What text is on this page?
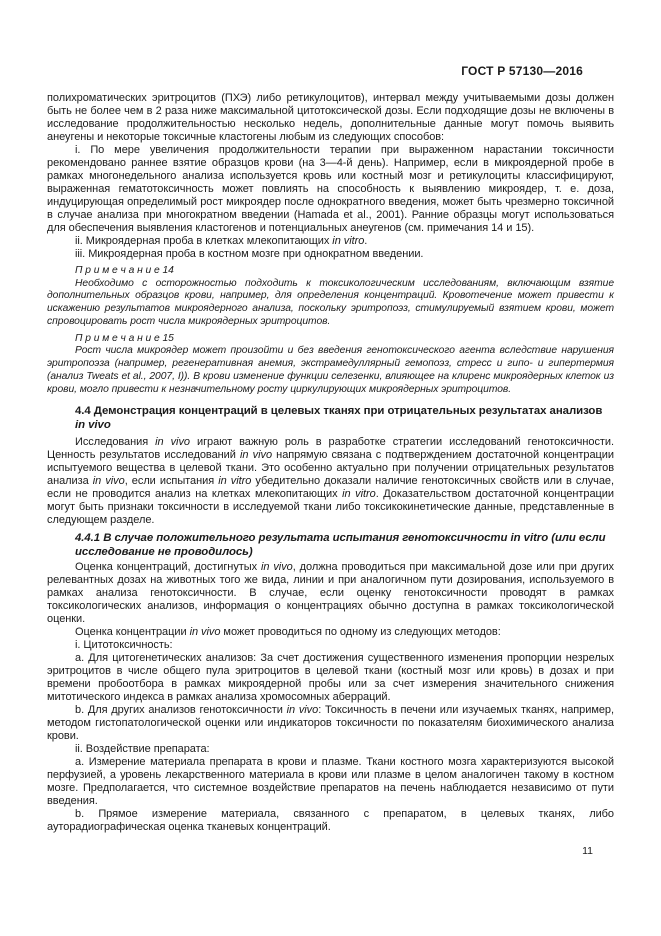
ГОСТ Р 57130—2016

полихроматических эритроцитов (ПХЭ) либо ретикулоцитов), интервал между учитываемыми дозы должен быть не более чем в 2 раза ниже максимальной цитотоксической дозы. Если подходящие дозы не включены в исследование продолжительностью несколько недель, дополнительные данные могут помочь выявить анеугены и некоторые токсичные кластогены любым из следующих способов:

i. По мере увеличения продолжительности терапии при выраженном нарастании токсичности рекомендовано раннее взятие образцов крови (на 3—4-й день). Например, если в микроядерной пробе в рамках многонедельного анализа используется кровь или костный мозг и ретикулоциты классифицируют, выраженная гематотоксичность может повлиять на способность к выявлению микроядер, т. е. доза, индуцирующая определимый рост микроядер после однократного введения, может быть чрезмерно токсичной в случае анализа при многократном введении (Hamada et al., 2001). Ранние образцы могут использоваться для обеспечения выявления кластогенов и потенциальных анеугенов (см. примечания 14 и 15).

ii. Микроядерная проба в клетках млекопитающих in vitro.

iii. Микроядерная проба в костном мозге при однократном введении.

П р и м е ч а н и е 14

Необходимо с осторожностью подходить к токсикологическим исследованиям, включающим взятие дополнительных образцов крови, например, для определения концентраций. Кровотечение может привести к искажению результатов микроядерного анализа, поскольку эритропоэз, стимулируемый взятием крови, может спровоцировать рост числа микроядерных эритроцитов.

П р и м е ч а н и е 15

Рост числа микроядер может произойти и без введения генотоксического агента вследствие нарушения эритропоэза (например, регенеративная анемия, экстрамедуллярный гемопоэз, стресс и гипо- и гипертермия (анализ Tweats et al., 2007, I)). В крови изменение функции селезенки, влияющее на клиренс микроядерных клеток из крови, могло привести к незначительному росту циркулирующих микроядерных эритроцитов.

4.4 Демонстрация концентраций в целевых тканях при отрицательных результатах анализов in vivo

Исследования in vivo играют важную роль в разработке стратегии исследований генотоксичности. Ценность результатов исследований in vivo напрямую связана с подтверждением достаточной концентрации испытуемого вещества в целевой ткани. Это особенно актуально при получении отрицательных результатов анализа in vivo, если испытания in vitro убедительно доказали наличие генотоксичных свойств или в случае, если не проводится анализ на клетках млекопитающих in vitro. Доказательством достаточной концентрации могут быть признаки токсичности в исследуемой ткани либо токсикокинетические данные, представленные в следующем разделе.

4.4.1 В случае положительного результата испытания генотоксичности in vitro (или если исследование не проводилось)

Оценка концентраций, достигнутых in vivo, должна проводиться при максимальной дозе или при других релевантных дозах на животных того же вида, линии и при аналогичном пути дозирования, используемого в рамках анализа генотоксичности. В случае, если оценку генотоксичности проводят в рамках токсикологических анализов, информация о концентрациях обычно доступна в рамках токсикологической оценки.

Оценка концентрации in vivo может проводиться по одному из следующих методов:

i. Цитотоксичность:

a. Для цитогенетических анализов: За счет достижения существенного изменения пропорции незрелых эритроцитов в числе общего пула эритроцитов в целевой ткани (костный мозг или кровь) в дозах и при времени пробоотбора в рамках микроядерной пробы или за счет измерения значительного снижения митотического индекса в рамках анализа хромосомных аберраций.

b. Для других анализов генотоксичности in vivo: Токсичность в печени или изучаемых тканях, например, методом гистопатологической оценки или индикаторов токсичности по показателям биохимического анализа крови.

ii. Воздействие препарата:

a. Измерение материала препарата в крови и плазме. Ткани костного мозга характеризуются высокой перфузией, а уровень лекарственного материала в крови или плазме в целом аналогичен такому в костном мозге. Предполагается, что системное воздействие препаратов на печень наблюдается независимо от пути введения.

b. Прямое измерение материала, связанного с препаратом, в целевых тканях, либо ауторадиографическая оценка тканевых концентраций.

11
